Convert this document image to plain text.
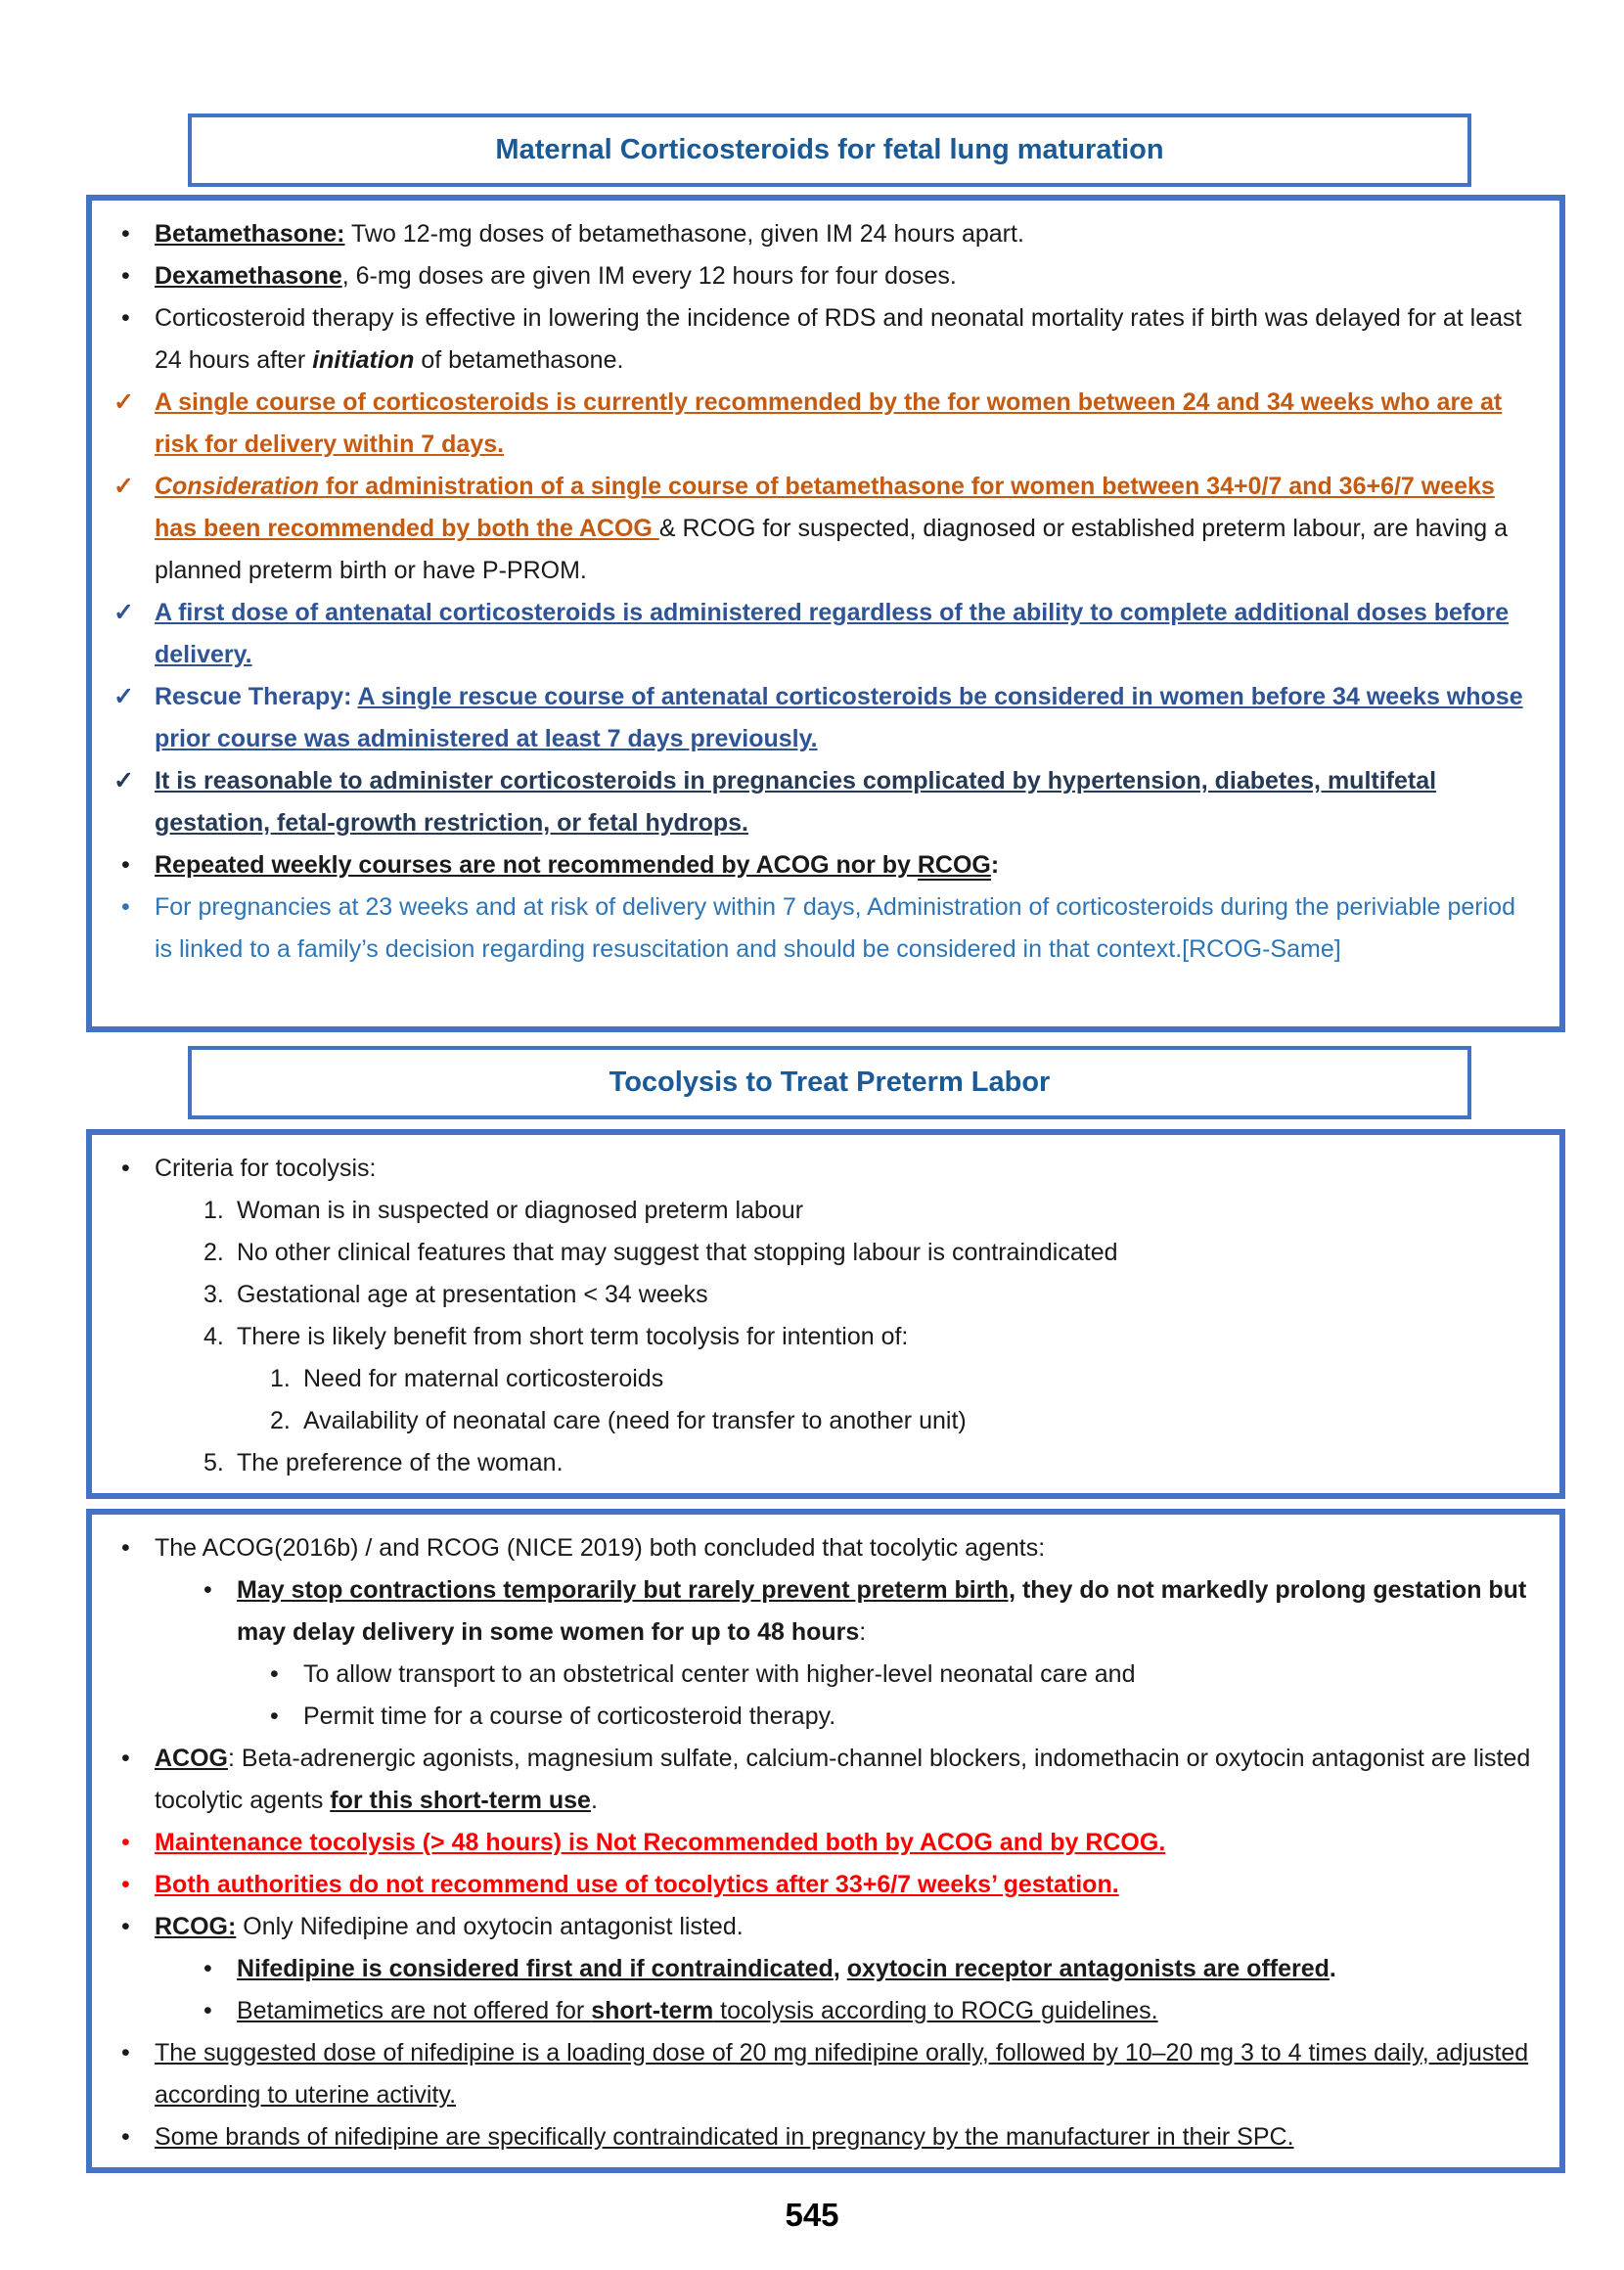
Maternal Corticosteroids for fetal lung maturation
•	Betamethasone: Two 12-mg doses of betamethasone, given IM 24 hours apart.
•	Dexamethasone, 6-mg doses are given IM every 12 hours for four doses.
•	Corticosteroid therapy is effective in lowering the incidence of RDS and neonatal mortality rates if birth was delayed for at least 24 hours after initiation of betamethasone.
✓ A single course of corticosteroids is currently recommended by the for women between 24 and 34 weeks who are at risk for delivery within 7 days.
✓ Consideration for administration of a single course of betamethasone for women between 34+0/7 and 36+6/7 weeks has been recommended by both the ACOG & RCOG for suspected, diagnosed or established preterm labour, are having a planned preterm birth or have P-PROM.
✓ A first dose of antenatal corticosteroids is administered regardless of the ability to complete additional doses before delivery.
✓ Rescue Therapy: A single rescue course of antenatal corticosteroids be considered in women before 34 weeks whose prior course was administered at least 7 days previously.
✓ It is reasonable to administer corticosteroids in pregnancies complicated by hypertension, diabetes, multifetal gestation, fetal-growth restriction, or fetal hydrops.
•	Repeated weekly courses are not recommended by ACOG nor by RCOG:
•	For pregnancies at 23 weeks and at risk of delivery within 7 days, Administration of corticosteroids during the periviable period is linked to a family’s decision regarding resuscitation and should be considered in that context.[RCOG-Same]
Tocolysis to Treat Preterm Labor
•	Criteria for tocolysis:
1. Woman is in suspected or diagnosed preterm labour
2. No other clinical features that may suggest that stopping labour is contraindicated
3. Gestational age at presentation < 34 weeks
4. There is likely benefit from short term tocolysis for intention of:
1. Need for maternal corticosteroids
2. Availability of neonatal care (need for transfer to another unit)
5. The preference of the woman.
•	The ACOG(2016b) / and RCOG (NICE 2019) both concluded that tocolytic agents:
•	May stop contractions temporarily but rarely prevent preterm birth, they do not markedly prolong gestation but may delay delivery in some women for up to 48 hours:
•	To allow transport to an obstetrical center with higher-level neonatal care and
•	Permit time for a course of corticosteroid therapy.
•	ACOG: Beta-adrenergic agonists, magnesium sulfate, calcium-channel blockers, indomethacin or oxytocin antagonist are listed tocolytic agents for this short-term use.
•	Maintenance tocolysis (> 48 hours) is Not Recommended both by ACOG and by RCOG.
•	Both authorities do not recommend use of tocolytics after 33+6/7 weeks’ gestation.
•	RCOG: Only Nifedipine and oxytocin antagonist listed.
•	Nifedipine is considered first and if contraindicated, oxytocin receptor antagonists are offered.
•	Betamimetics are not offered for short-term tocolysis according to ROCG guidelines.
•	The suggested dose of nifedipine is a loading dose of 20 mg nifedipine orally, followed by 10–20 mg 3 to 4 times daily, adjusted according to uterine activity.
•	Some brands of nifedipine are specifically contraindicated in pregnancy by the manufacturer in their SPC.
545
